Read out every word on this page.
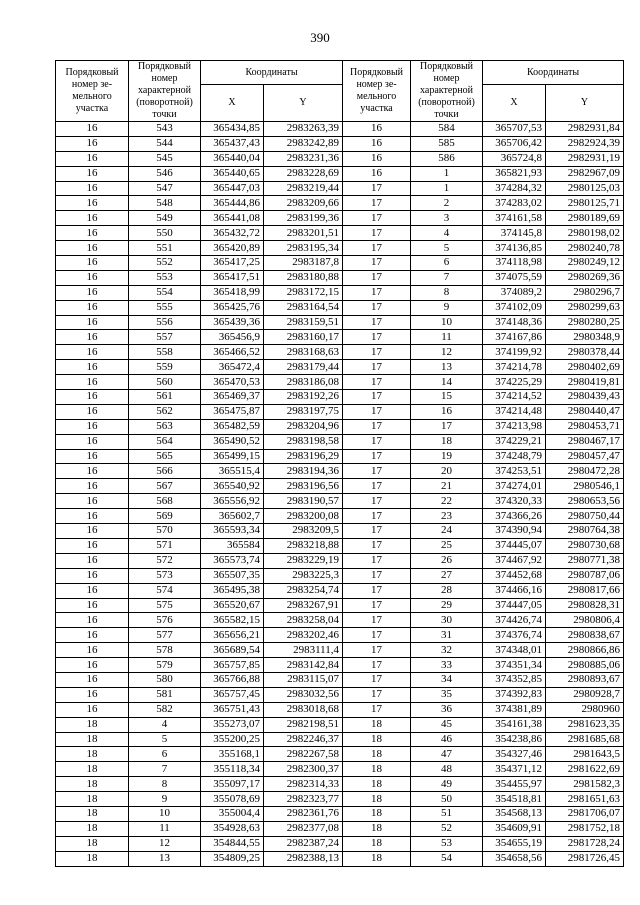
390
Порядковый номер зе-мельного участка	Порядковый номер характерной (поворотной) точки	Координаты		Порядковый номер зе-мельного участка	Порядковый номер характерной (поворотной) точки	Координаты	
		X	Y			X	Y
16	543	365434,85	2983263,39	16	584	365707,53	2982931,84
16	544	365437,43	2983242,89	16	585	365706,42	2982924,39
16	545	365440,04	2983231,36	16	586	365724,8	2982931,19
16	546	365440,65	2983228,69	16	1	365821,93	2982967,09
16	547	365447,03	2983219,44	17	1	374284,32	2980125,03
16	548	365444,86	2983209,66	17	2	374283,02	2980125,71
16	549	365441,08	2983199,36	17	3	374161,58	2980189,69
16	550	365432,72	2983201,51	17	4	374145,8	2980198,02
16	551	365420,89	2983195,34	17	5	374136,85	2980240,78
16	552	365417,25	2983187,8	17	6	374118,98	2980249,12
16	553	365417,51	2983180,88	17	7	374075,59	2980269,36
16	554	365418,99	2983172,15	17	8	374089,2	2980296,7
16	555	365425,76	2983164,54	17	9	374102,09	2980299,63
16	556	365439,36	2983159,51	17	10	374148,36	2980280,25
16	557	365456,9	2983160,17	17	11	374167,86	2980348,9
16	558	365466,52	2983168,63	17	12	374199,92	2980378,44
16	559	365472,4	2983179,44	17	13	374214,78	2980402,69
16	560	365470,53	2983186,08	17	14	374225,29	2980419,81
16	561	365469,37	2983192,26	17	15	374214,52	2980439,43
16	562	365475,87	2983197,75	17	16	374214,48	2980440,47
16	563	365482,59	2983204,96	17	17	374213,98	2980453,71
16	564	365490,52	2983198,58	17	18	374229,21	2980467,17
16	565	365499,15	2983196,29	17	19	374248,79	2980457,47
16	566	365515,4	2983194,36	17	20	374253,51	2980472,28
16	567	365540,92	2983196,56	17	21	374274,01	2980546,1
16	568	365556,92	2983190,57	17	22	374320,33	2980653,56
16	569	365602,7	2983200,08	17	23	374366,26	2980750,44
16	570	365593,34	2983209,5	17	24	374390,94	2980764,38
16	571	365584	2983218,88	17	25	374445,07	2980730,68
16	572	365573,74	2983229,19	17	26	374467,92	2980771,38
16	573	365507,35	2983225,3	17	27	374452,68	2980787,06
16	574	365495,38	2983254,74	17	28	374466,16	2980817,66
16	575	365520,67	2983267,91	17	29	374447,05	2980828,31
16	576	365582,15	2983258,04	17	30	374426,74	2980806,4
16	577	365656,21	2983202,46	17	31	374376,74	2980838,67
16	578	365689,54	2983111,4	17	32	374348,01	2980866,86
16	579	365757,85	2983142,84	17	33	374351,34	2980885,06
16	580	365766,88	2983115,07	17	34	374352,85	2980893,67
16	581	365757,45	2983032,56	17	35	374392,83	2980928,7
16	582	365751,43	2983018,68	17	36	374381,89	2980960
18	4	355273,07	2982198,51	18	45	354161,38	2981623,35
18	5	355200,25	2982246,37	18	46	354238,86	2981685,68
18	6	355168,1	2982267,58	18	47	354327,46	2981643,5
18	7	355118,34	2982300,37	18	48	354371,12	2981622,69
18	8	355097,17	2982314,33	18	49	354455,97	2981582,3
18	9	355078,69	2982323,77	18	50	354518,81	2981651,63
18	10	355004,4	2982361,76	18	51	354568,13	2981706,07
18	11	354928,63	2982377,08	18	52	354609,91	2981752,18
18	12	354844,55	2982387,24	18	53	354655,19	2981728,24
18	13	354809,25	2982388,13	18	54	354658,56	2981726,45
